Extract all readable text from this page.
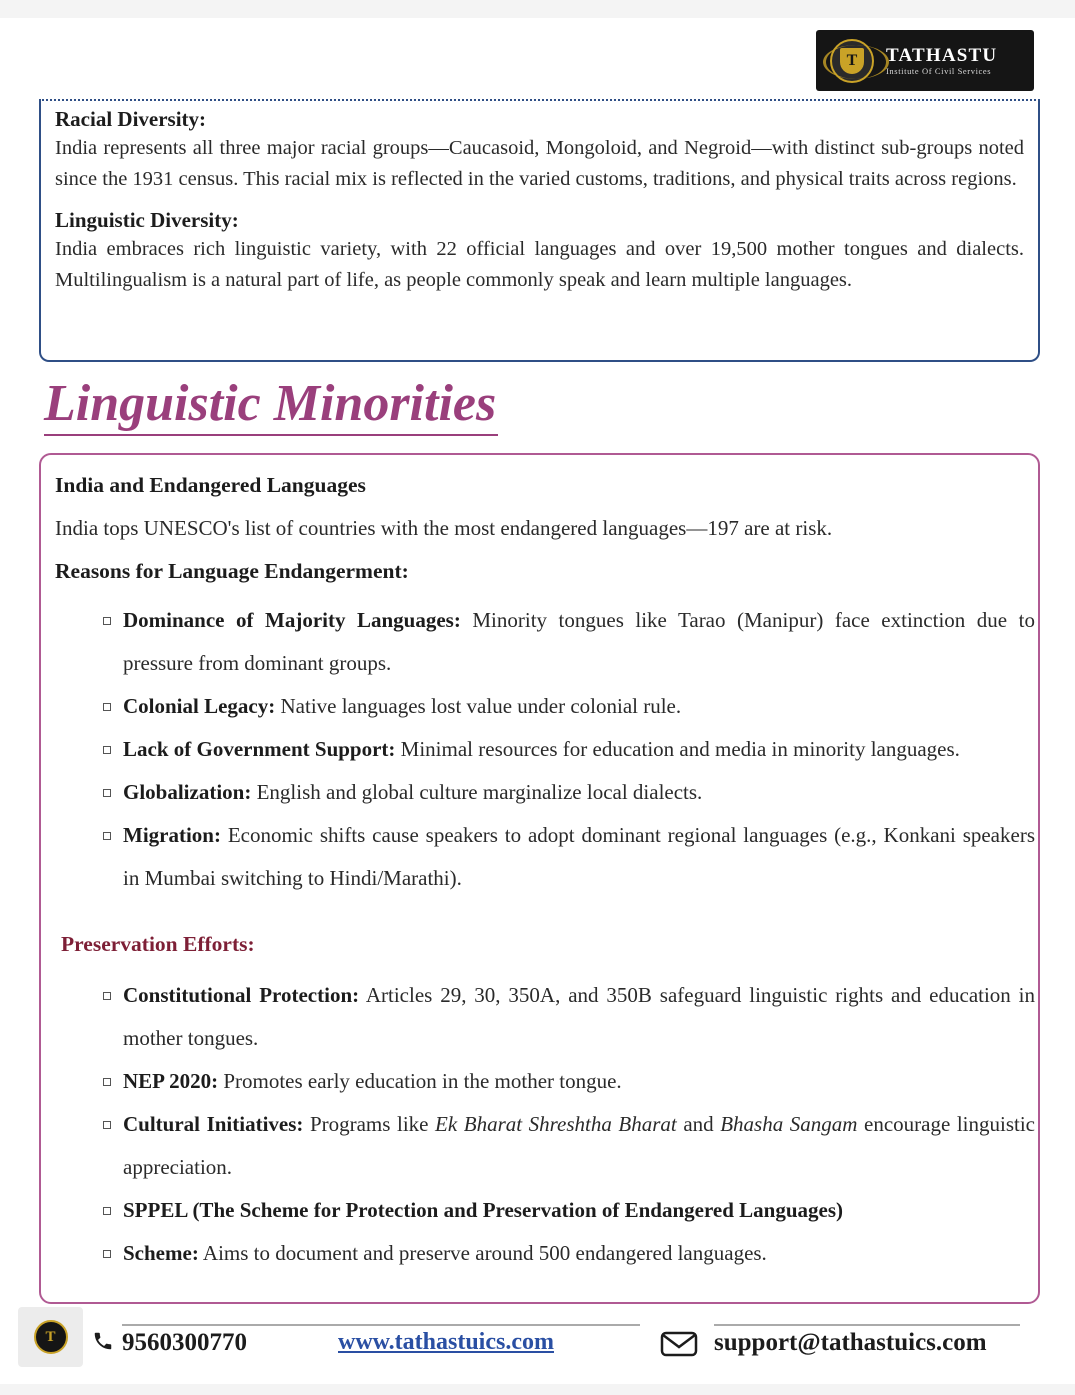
T	TATHASTU
Institute Of Civil Services
Racial Diversity:
India represents all three major racial groups—Caucasoid, Mongoloid, and Negroid—with distinct sub-groups noted since the 1931 census. This racial mix is reflected in the varied customs, traditions, and physical traits across regions.
Linguistic Diversity:
India embraces rich linguistic variety, with 22 official languages and over 19,500 mother tongues and dialects. Multilingualism is a natural part of life, as people commonly speak and learn multiple languages.
Linguistic Minorities
India and Endangered Languages
India tops UNESCO's list of countries with the most endangered languages—197 are at risk.
Reasons for Language Endangerment:
Dominance of Majority Languages: Minority tongues like Tarao (Manipur) face extinction due to pressure from dominant groups.
Colonial Legacy: Native languages lost value under colonial rule.
Lack of Government Support: Minimal resources for education and media in minority languages.
Globalization: English and global culture marginalize local dialects.
Migration: Economic shifts cause speakers to adopt dominant regional languages (e.g., Konkani speakers in Mumbai switching to Hindi/Marathi).
Preservation Efforts:
Constitutional Protection: Articles 29, 30, 350A, and 350B safeguard linguistic rights and education in mother tongues.
NEP 2020: Promotes early education in the mother tongue.
Cultural Initiatives: Programs like Ek Bharat Shreshtha Bharat and Bhasha Sangam encourage linguistic appreciation.
SPPEL (The Scheme for Protection and Preservation of Endangered Languages)
Scheme: Aims to document and preserve around 500 endangered languages.
T	9560300770	www.tathastuics.com	support@tathastuics.com
